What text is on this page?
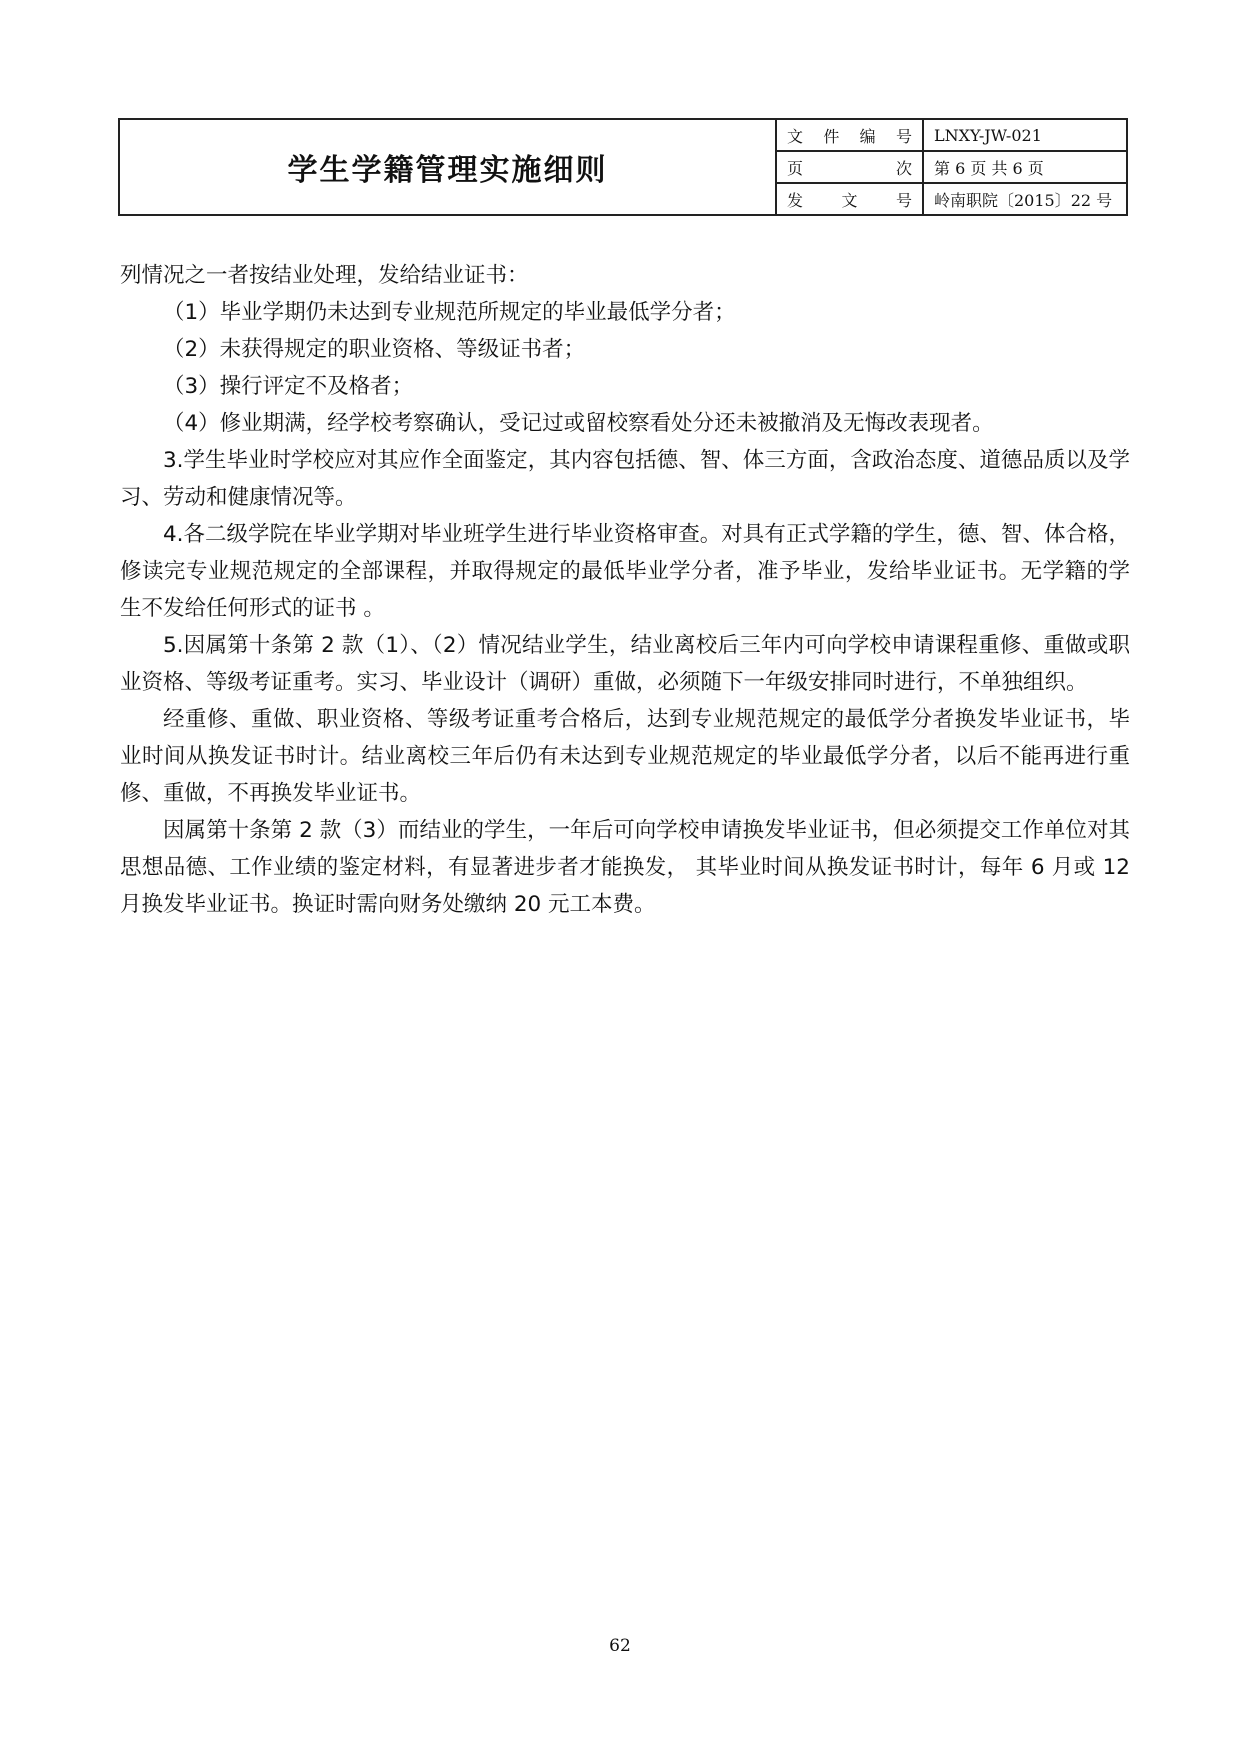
学生学籍管理实施细则	文件编号	LNXY-JW-021
	页次	第 6 页 共 6 页
	发文号	岭南职院〔2015〕22 号

列情况之一者按结业处理，发给结业证书：

（1）毕业学期仍未达到专业规范所规定的毕业最低学分者；

（2）未获得规定的职业资格、等级证书者；

（3）操行评定不及格者；

（4）修业期满，经学校考察确认，受记过或留校察看处分还未被撤消及无悔改表现者。

3.学生毕业时学校应对其应作全面鉴定，其内容包括德、智、体三方面，含政治态度、道德品质以及学习、劳动和健康情况等。

4.各二级学院在毕业学期对毕业班学生进行毕业资格审查。对具有正式学籍的学生，德、智、体合格，修读完专业规范规定的全部课程，并取得规定的最低毕业学分者，准予毕业，发给毕业证书。无学籍的学生不发给任何形式的证书 。

5.因属第十条第 2 款（1）、（2）情况结业学生，结业离校后三年内可向学校申请课程重修、重做或职业资格、等级考证重考。实习、毕业设计（调研）重做，必须随下一年级安排同时进行，不单独组织。

经重修、重做、职业资格、等级考证重考合格后，达到专业规范规定的最低学分者换发毕业证书，毕业时间从换发证书时计。结业离校三年后仍有未达到专业规范规定的毕业最低学分者，以后不能再进行重修、重做，不再换发毕业证书。

因属第十条第 2 款（3）而结业的学生，一年后可向学校申请换发毕业证书，但必须提交工作单位对其思想品德、工作业绩的鉴定材料，有显著进步者才能换发， 其毕业时间从换发证书时计，每年 6 月或 12 月换发毕业证书。换证时需向财务处缴纳 20 元工本费。

62
